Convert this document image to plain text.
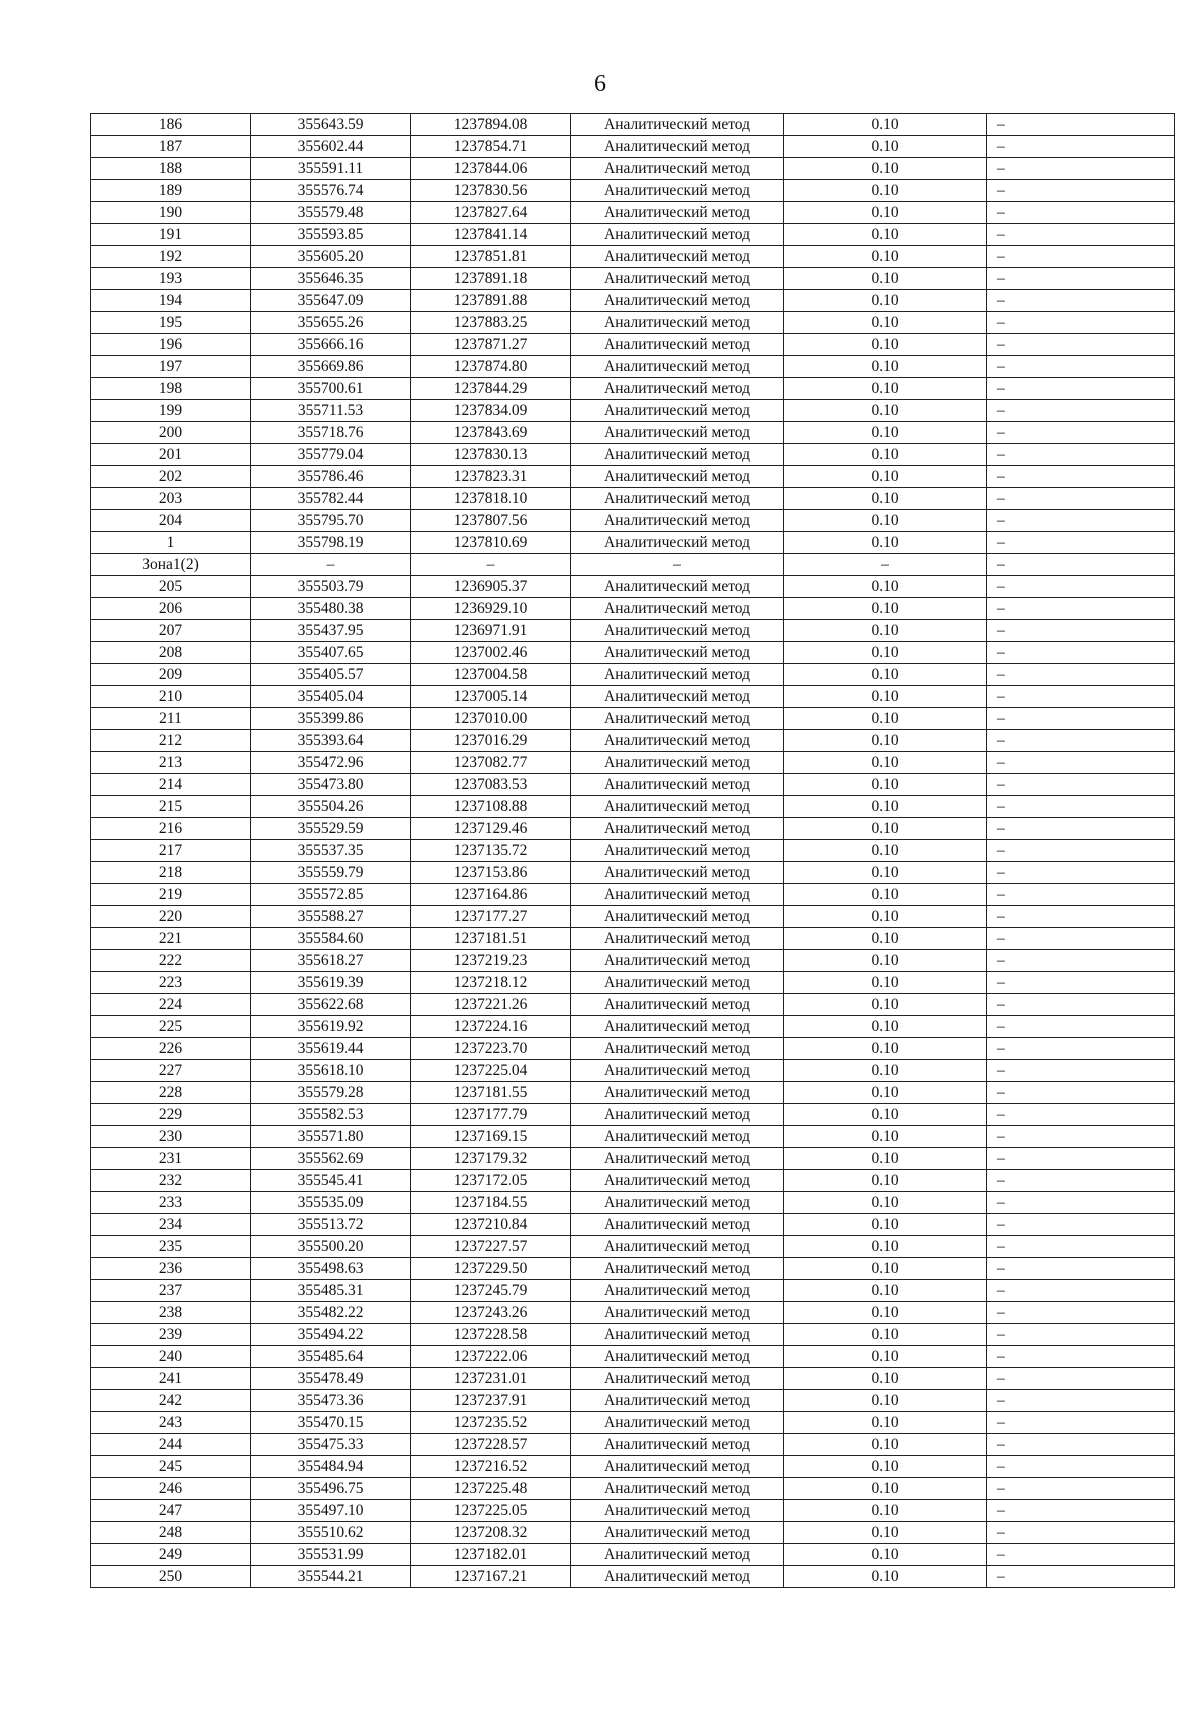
6
186	355643.59	1237894.08	Аналитический метод	0.10	–
187	355602.44	1237854.71	Аналитический метод	0.10	–
188	355591.11	1237844.06	Аналитический метод	0.10	–
189	355576.74	1237830.56	Аналитический метод	0.10	–
190	355579.48	1237827.64	Аналитический метод	0.10	–
191	355593.85	1237841.14	Аналитический метод	0.10	–
192	355605.20	1237851.81	Аналитический метод	0.10	–
193	355646.35	1237891.18	Аналитический метод	0.10	–
194	355647.09	1237891.88	Аналитический метод	0.10	–
195	355655.26	1237883.25	Аналитический метод	0.10	–
196	355666.16	1237871.27	Аналитический метод	0.10	–
197	355669.86	1237874.80	Аналитический метод	0.10	–
198	355700.61	1237844.29	Аналитический метод	0.10	–
199	355711.53	1237834.09	Аналитический метод	0.10	–
200	355718.76	1237843.69	Аналитический метод	0.10	–
201	355779.04	1237830.13	Аналитический метод	0.10	–
202	355786.46	1237823.31	Аналитический метод	0.10	–
203	355782.44	1237818.10	Аналитический метод	0.10	–
204	355795.70	1237807.56	Аналитический метод	0.10	–
1	355798.19	1237810.69	Аналитический метод	0.10	–
Зона1(2)	–	–	–	–	–
205	355503.79	1236905.37	Аналитический метод	0.10	–
206	355480.38	1236929.10	Аналитический метод	0.10	–
207	355437.95	1236971.91	Аналитический метод	0.10	–
208	355407.65	1237002.46	Аналитический метод	0.10	–
209	355405.57	1237004.58	Аналитический метод	0.10	–
210	355405.04	1237005.14	Аналитический метод	0.10	–
211	355399.86	1237010.00	Аналитический метод	0.10	–
212	355393.64	1237016.29	Аналитический метод	0.10	–
213	355472.96	1237082.77	Аналитический метод	0.10	–
214	355473.80	1237083.53	Аналитический метод	0.10	–
215	355504.26	1237108.88	Аналитический метод	0.10	–
216	355529.59	1237129.46	Аналитический метод	0.10	–
217	355537.35	1237135.72	Аналитический метод	0.10	–
218	355559.79	1237153.86	Аналитический метод	0.10	–
219	355572.85	1237164.86	Аналитический метод	0.10	–
220	355588.27	1237177.27	Аналитический метод	0.10	–
221	355584.60	1237181.51	Аналитический метод	0.10	–
222	355618.27	1237219.23	Аналитический метод	0.10	–
223	355619.39	1237218.12	Аналитический метод	0.10	–
224	355622.68	1237221.26	Аналитический метод	0.10	–
225	355619.92	1237224.16	Аналитический метод	0.10	–
226	355619.44	1237223.70	Аналитический метод	0.10	–
227	355618.10	1237225.04	Аналитический метод	0.10	–
228	355579.28	1237181.55	Аналитический метод	0.10	–
229	355582.53	1237177.79	Аналитический метод	0.10	–
230	355571.80	1237169.15	Аналитический метод	0.10	–
231	355562.69	1237179.32	Аналитический метод	0.10	–
232	355545.41	1237172.05	Аналитический метод	0.10	–
233	355535.09	1237184.55	Аналитический метод	0.10	–
234	355513.72	1237210.84	Аналитический метод	0.10	–
235	355500.20	1237227.57	Аналитический метод	0.10	–
236	355498.63	1237229.50	Аналитический метод	0.10	–
237	355485.31	1237245.79	Аналитический метод	0.10	–
238	355482.22	1237243.26	Аналитический метод	0.10	–
239	355494.22	1237228.58	Аналитический метод	0.10	–
240	355485.64	1237222.06	Аналитический метод	0.10	–
241	355478.49	1237231.01	Аналитический метод	0.10	–
242	355473.36	1237237.91	Аналитический метод	0.10	–
243	355470.15	1237235.52	Аналитический метод	0.10	–
244	355475.33	1237228.57	Аналитический метод	0.10	–
245	355484.94	1237216.52	Аналитический метод	0.10	–
246	355496.75	1237225.48	Аналитический метод	0.10	–
247	355497.10	1237225.05	Аналитический метод	0.10	–
248	355510.62	1237208.32	Аналитический метод	0.10	–
249	355531.99	1237182.01	Аналитический метод	0.10	–
250	355544.21	1237167.21	Аналитический метод	0.10	–
